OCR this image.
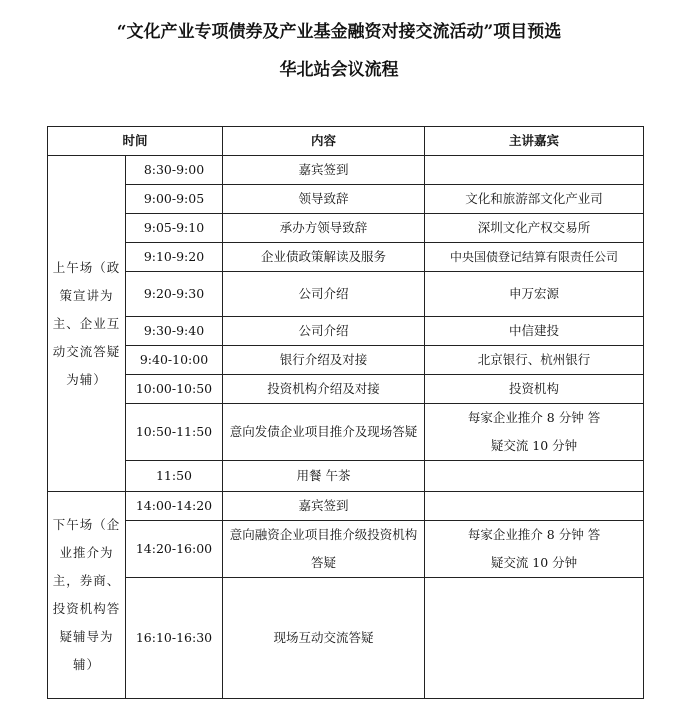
“文化产业专项债券及产业基金融资对接交流活动”项目预选
华北站会议流程
时间		内容	主讲嘉宾
上午场（政策宣讲为主、企业互动交流答疑为辅）	8:30-9:00	嘉宾签到	
	9:00-9:05	领导致辞	文化和旅游部文化产业司
	9:05-9:10	承办方领导致辞	深圳文化产权交易所
	9:10-9:20	企业债政策解读及服务	中央国债登记结算有限责任公司
	9:20-9:30	公司介绍	申万宏源
	9:30-9:40	公司介绍	中信建投
	9:40-10:00	银行介绍及对接	北京银行、杭州银行
	10:00-10:50	投资机构介绍及对接	投资机构
	10:50-11:50	意向发债企业项目推介及现场答疑	每家企业推介 8 分钟 答疑交流 10 分钟
	11:50	用餐 午茶	
下午场（企业推介为主，券商、投资机构答疑辅导为辅）	14:00-14:20	嘉宾签到	
	14:20-16:00	意向融资企业项目推介级投资机构答疑	每家企业推介 8 分钟 答疑交流 10 分钟
	16:10-16:30	现场互动交流答疑	
